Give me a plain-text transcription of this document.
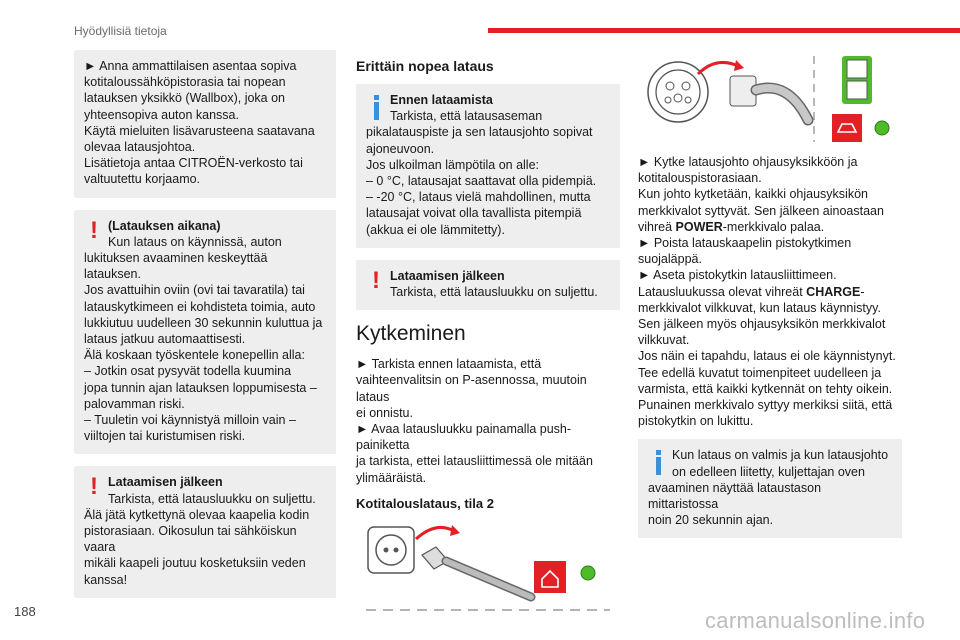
Hyödyllisiä tietoja
► Anna ammattilaisen asentaa sopiva
kotitaloussähköpistorasia tai nopean
latauksen yksikkö (Wallbox), joka on
yhteensopiva auton kanssa.
Käytä mieluiten lisävarusteena saatavana
olevaa latausjohtoa.
Lisätietoja antaa CITROËN-verkosto tai
valtuutettu korjaamo.
! (Latauksen aikana)
Kun lataus on käynnissä, auton
lukituksen avaaminen keskeyttää latauksen.
Jos avattuihin oviin (ovi tai tavaratila) tai
latauskytkimeen ei kohdisteta toimia, auto
lukkiutuu uudelleen 30 sekunnin kuluttua ja
lataus jatkuu automaattisesti.
Älä koskaan työskentele konepellin alla:
– Jotkin osat pysyvät todella kuumina
jopa tunnin ajan latauksen loppumisesta –
palovamman riski.
– Tuuletin voi käynnistyä milloin vain –
viiltojen tai kuristumisen riski.
! Lataamisen jälkeen
Tarkista, että latausluukku on suljettu.
Älä jätä kytkettynä olevaa kaapelia kodin
pistorasiaan. Oikosulun tai sähköiskun vaara
mikäli kaapeli joutuu kosketuksiin veden
kanssa!
Erittäin nopea lataus
Ennen lataamista
Tarkista, että latausaseman
pikalatauspiste ja sen latausjohto sopivat
ajoneuvoon.
Jos ulkoilman lämpötila on alle:
– 0 °C, latausajat saattavat olla pidempiä.
– -20 °C, lataus vielä mahdollinen, mutta
latausajat voivat olla tavallista pitempiä
(akkua ei ole lämmitetty).
! Lataamisen jälkeen
Tarkista, että latausluukku on suljettu.
Kytkeminen
► Tarkista ennen lataamista, että
vaihteenvalitsin on P-asennossa, muutoin lataus
ei onnistu.
► Avaa latausluukku painamalla push-painiketta
ja tarkista, ettei latausliittimessä ole mitään
ylimääräistä.
Kotitalouslataus, tila 2
► Kytke latausjohto ohjausyksikköön ja
kotitalouspistorasiaan.
Kun johto kytketään, kaikki ohjausyksikön
merkkivalot syttyvät. Sen jälkeen ainoastaan
vihreä POWER-merkkivalo palaa.
► Poista latauskaapelin pistokytkimen
suojaläppä.
► Aseta pistokytkin latausliittimeen.
Latausluukussa olevat vihreät CHARGE-
merkkivalot vilkkuvat, kun lataus käynnistyy.
Sen jälkeen myös ohjausyksikön merkkivalot
vilkkuvat.
Jos näin ei tapahdu, lataus ei ole käynnistynyt.
Tee edellä kuvatut toimenpiteet uudelleen ja
varmista, että kaikki kytkennät on tehty oikein.
Punainen merkkivalo syttyy merkiksi siitä, että
pistokytkin on lukittu.
Kun lataus on valmis ja kun latausjohto
on edelleen liitetty, kuljettajan oven
avaaminen näyttää lataustason mittaristossa
noin 20 sekunnin ajan.
188	carmanualsonline.info
